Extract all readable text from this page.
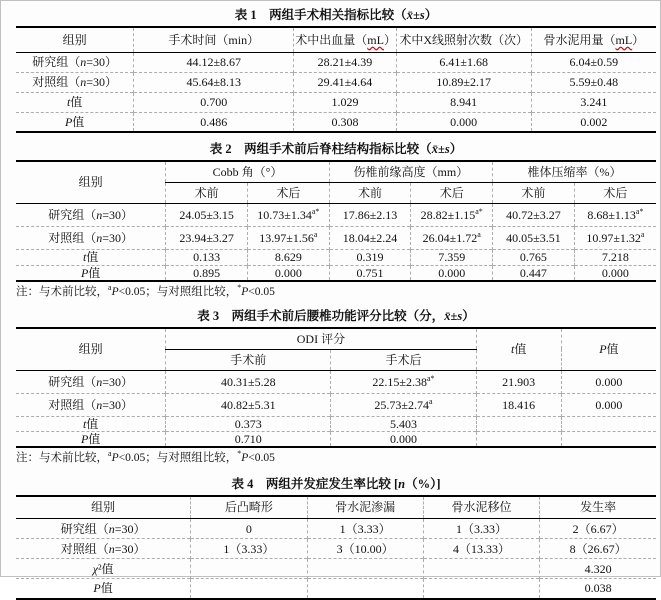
表 1　两组手术相关指标比较（x̄±s）
组别	手术时间（min）	术中出血量（mL）	术中X线照射次数（次）	骨水泥用量（mL）
研究组（n=30）	44.12±8.67	28.21±4.39	6.41±1.68	6.04±0.59
对照组（n=30）	45.64±8.13	29.41±4.64	10.89±2.17	5.59±0.48
t值	0.700	1.029	8.941	3.241
P值	0.486	0.308	0.000	0.002
表 2　两组手术前后脊柱结构指标比较（x̄±s）
组别	Cobb 角（°）		伤椎前缘高度（mm）		椎体压缩率（%）	
	术前	术后	术前	术后	术前	术后
研究组（n=30）	24.05±3.15	$10.73\pm 1.34^{a*}$	17.86±2.13	$28.82\pm 1.15^{a*}$	40.72±3.27	$8.68\pm 1.13^{a*}$
对照组（n=30）	23.94±3.27	13.97±1.56$^a$	18.04±2.24	26.04±1.72$^a$	40.05±3.51	10.97±1.32$^a$
t值	0.133	8.629	0.319	7.359	0.765	7.218
P值	0.895	0.000	0.751	0.000	0.447	0.000
注：与术前比较，$^a$P<0.05；与对照组比较，*P<0.05
表 3　两组手术前后腰椎功能评分比较（分，x̄±s）
组别	ODI 评分		t值	P值
	手术前	手术后		
研究组（n=30）	40.31±5.28	$22.15\pm 2.38^{a*}$	21.903	0.000
对照组（n=30）	40.82±5.31	25.73±2.74$^a$	18.416	0.000
t值	0.373	5.403		
P值	0.710	0.000		
注：与术前比较，$^a$P<0.05；与对照组比较，*P<0.05
表 4　两组并发症发生率比较 [n（%）]
组别	后凸畸形	骨水泥渗漏	骨水泥移位	发生率
研究组（n=30）	0	1（3.33）	1（3.33）	2（6.67）
对照组（n=30）	1（3.33）	3（10.00）	4（13.33）	8（26.67）
χ²值				4.320
P值				0.038
